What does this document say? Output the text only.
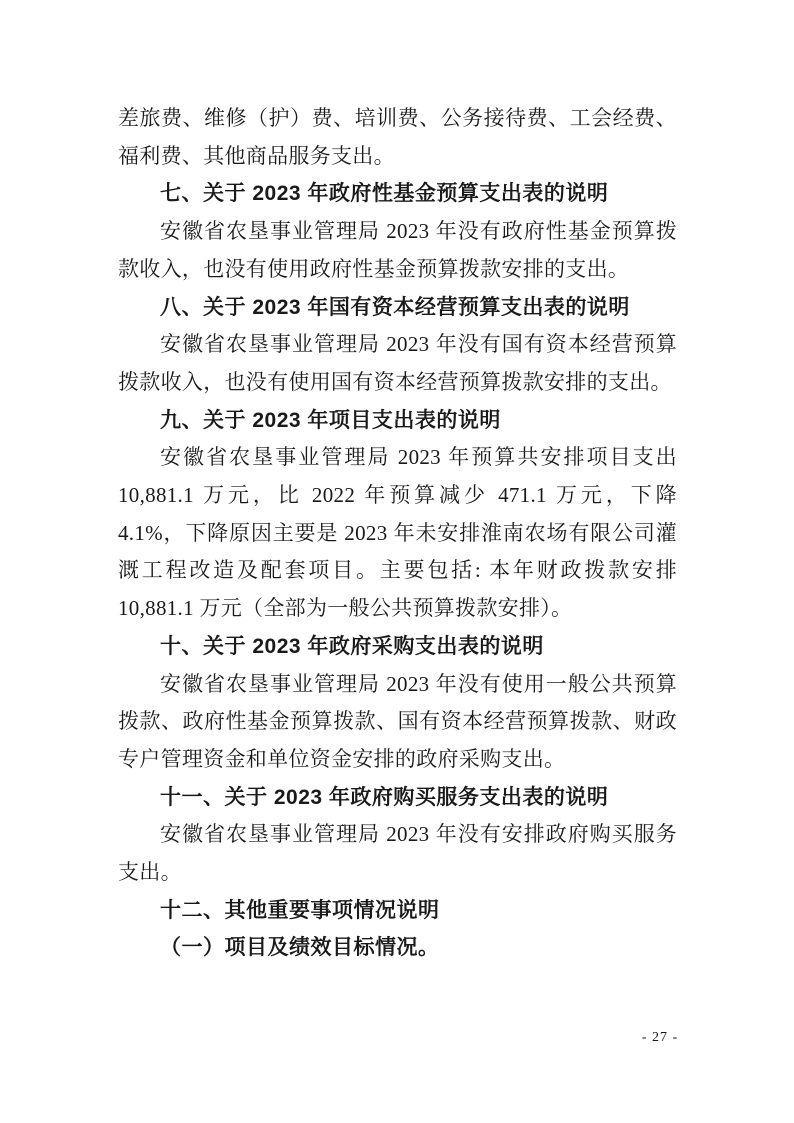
差旅费、维修（护）费、培训费、公务接待费、工会经费、福利费、其他商品服务支出。

七、关于 2023 年政府性基金预算支出表的说明

安徽省农垦事业管理局 2023 年没有政府性基金预算拨款收入，也没有使用政府性基金预算拨款安排的支出。

八、关于 2023 年国有资本经营预算支出表的说明

安徽省农垦事业管理局 2023 年没有国有资本经营预算拨款收入，也没有使用国有资本经营预算拨款安排的支出。

九、关于 2023 年项目支出表的说明

安徽省农垦事业管理局 2023 年预算共安排项目支出 10,881.1 万元，比 2022 年预算减少 471.1 万元，下降 4.1%，下降原因主要是 2023 年未安排淮南农场有限公司灌溉工程改造及配套项目。主要包括: 本年财政拨款安排 10,881.1 万元（全部为一般公共预算拨款安排）。

十、关于 2023 年政府采购支出表的说明

安徽省农垦事业管理局 2023 年没有使用一般公共预算拨款、政府性基金预算拨款、国有资本经营预算拨款、财政专户管理资金和单位资金安排的政府采购支出。

十一、关于 2023 年政府购买服务支出表的说明

安徽省农垦事业管理局 2023 年没有安排政府购买服务支出。

十二、其他重要事项情况说明
（一）项目及绩效目标情况。
- 27 -
